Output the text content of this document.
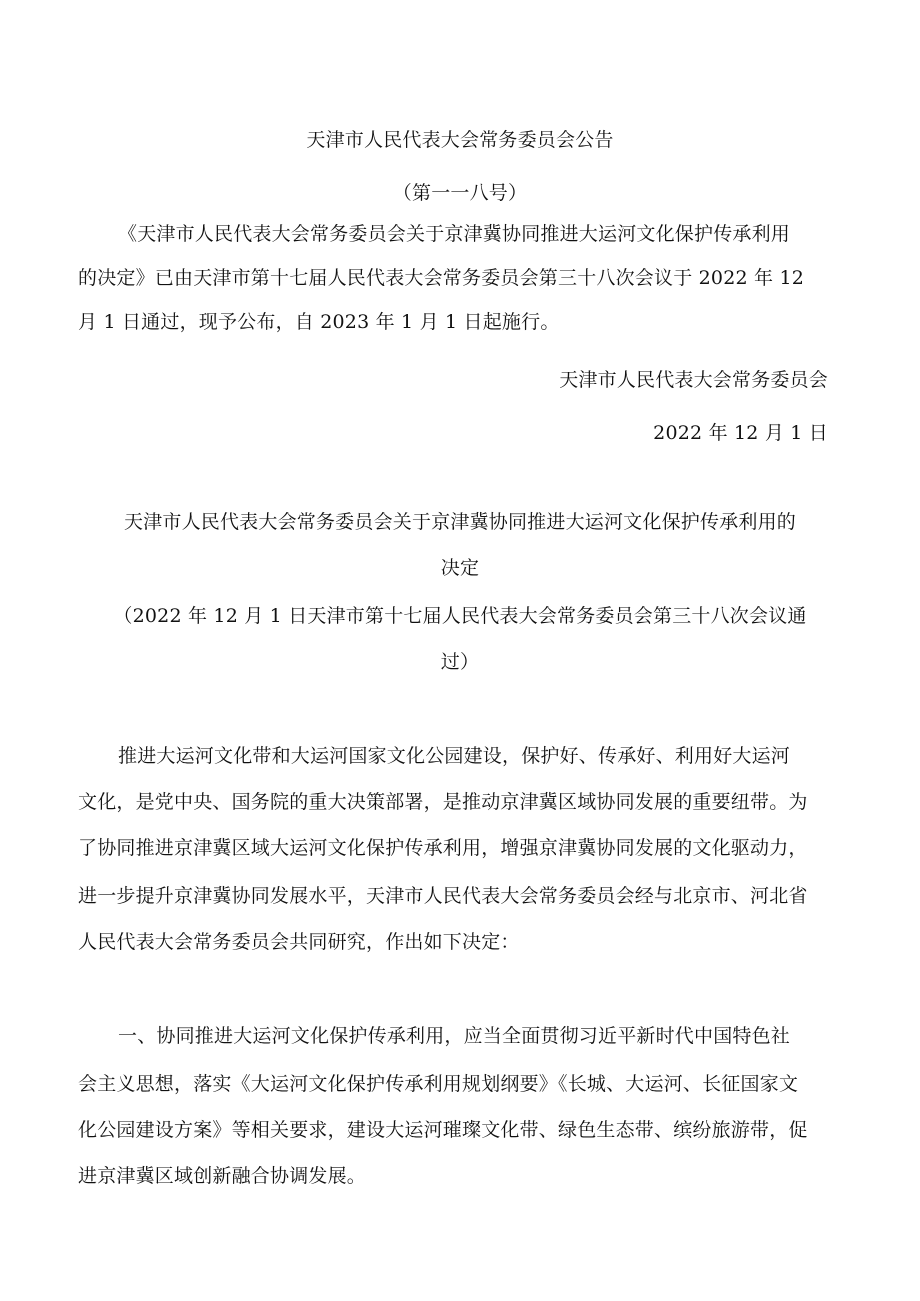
天津市人民代表大会常务委员会公告
（第一一八号）
《天津市人民代表大会常务委员会关于京津冀协同推进大运河文化保护传承利用
的决定》已由天津市第十七届人民代表大会常务委员会第三十八次会议于 2022 年 12
月 1 日通过，现予公布，自 2023 年 1 月 1 日起施行。
天津市人民代表大会常务委员会
2022 年 12 月 1 日
天津市人民代表大会常务委员会关于京津冀协同推进大运河文化保护传承利用的
决定
（2022 年 12 月 1 日天津市第十七届人民代表大会常务委员会第三十八次会议通
过）
推进大运河文化带和大运河国家文化公园建设，保护好、传承好、利用好大运河
文化，是党中央、国务院的重大决策部署，是推动京津冀区域协同发展的重要纽带。为
了协同推进京津冀区域大运河文化保护传承利用，增强京津冀协同发展的文化驱动力，
进一步提升京津冀协同发展水平，天津市人民代表大会常务委员会经与北京市、河北省
人民代表大会常务委员会共同研究，作出如下决定：
一、协同推进大运河文化保护传承利用，应当全面贯彻习近平新时代中国特色社
会主义思想，落实《大运河文化保护传承利用规划纲要》《长城、大运河、长征国家文
化公园建设方案》等相关要求，建设大运河璀璨文化带、绿色生态带、缤纷旅游带，促
进京津冀区域创新融合协调发展。
